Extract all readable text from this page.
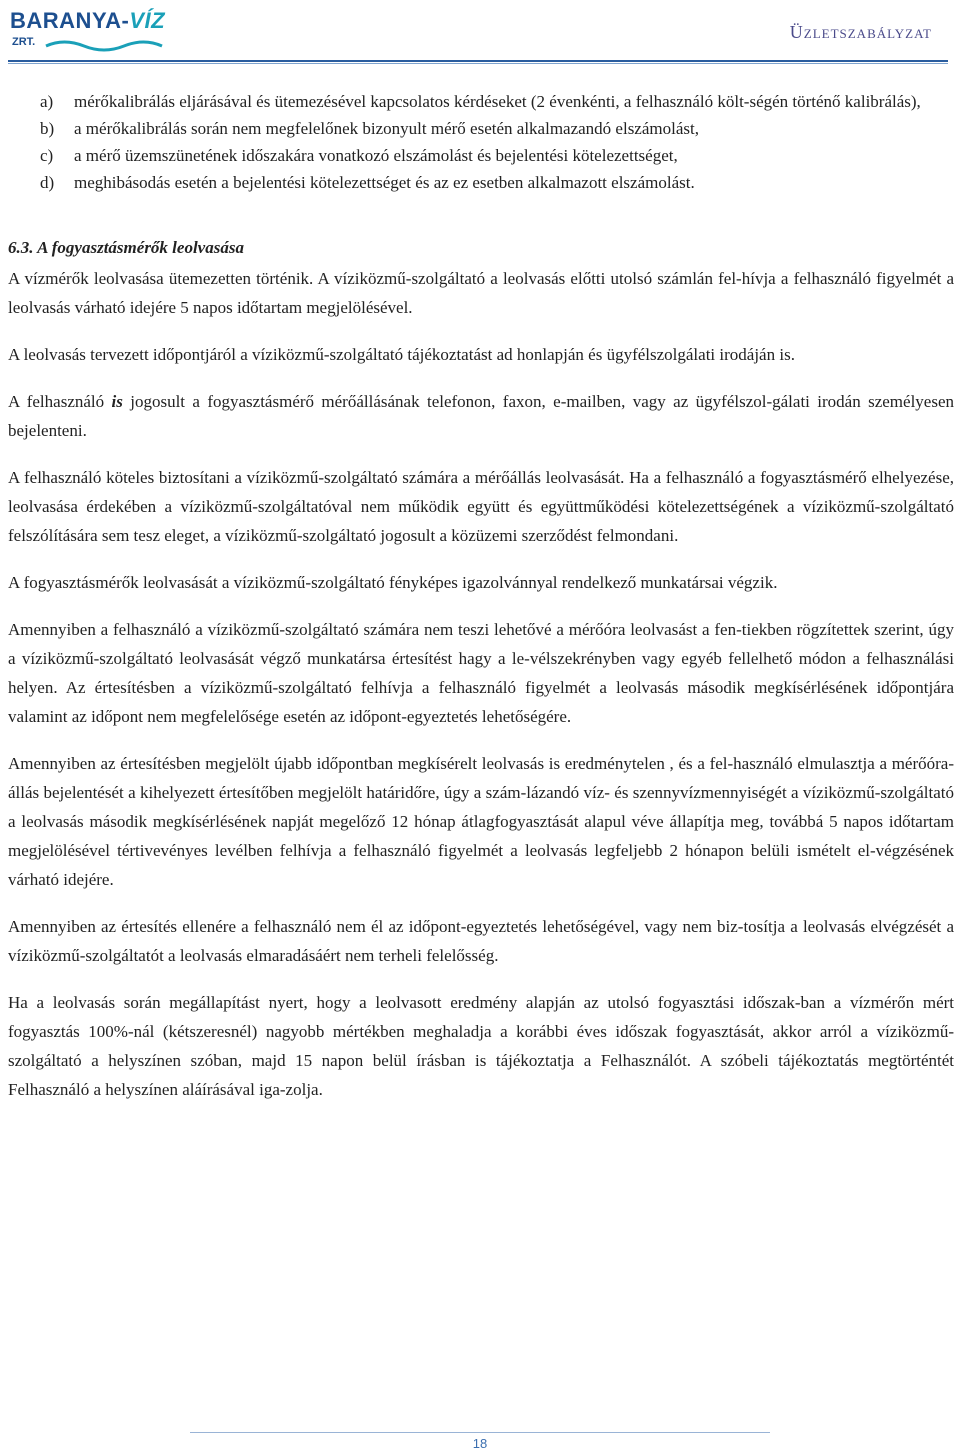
BARANYA-VÍZ
ZRT.	Üzletszabályzat
a) mérőkalibrálás eljárásával és ütemezésével kapcsolatos kérdéseket (2 évenkénti, a felhasználó költ-ségén történő kalibrálás),
b) a mérőkalibrálás során nem megfelelőnek bizonyult mérő esetén alkalmazandó elszámolást,
c) a mérő üzemszünetének időszakára vonatkozó elszámolást és bejelentési kötelezettséget,
d) meghibásodás esetén a bejelentési kötelezettséget és az ez esetben alkalmazott elszámolást.
6.3. A fogyasztásmérők leolvasása

A vízmérők leolvasása ütemezetten történik. A víziközmű-szolgáltató a leolvasás előtti utolsó számlán fel-hívja a felhasználó figyelmét a leolvasás várható idejére 5 napos időtartam megjelölésével.

A leolvasás tervezett időpontjáról a víziközmű-szolgáltató tájékoztatást ad honlapján és ügyfélszolgálati irodáján is.

A felhasználó is jogosult a fogyasztásmérő mérőállásának telefonon, faxon, e-mailben, vagy az ügyfélszol-gálati irodán személyesen bejelenteni.

A felhasználó köteles biztosítani a víziközmű-szolgáltató számára a mérőállás leolvasását. Ha a felhasználó a fogyasztásmérő elhelyezése, leolvasása érdekében a víziközmű-szolgáltatóval nem működik együtt és együttműködési kötelezettségének a víziközmű-szolgáltató felszólítására sem tesz eleget, a víziközmű-szolgáltató jogosult a közüzemi szerződést felmondani.

A fogyasztásmérők leolvasását a víziközmű-szolgáltató fényképes igazolvánnyal rendelkező munkatársai végzik.

Amennyiben a felhasználó a víziközmű-szolgáltató számára nem teszi lehetővé a mérőóra leolvasást a fen-tiekben rögzítettek szerint, úgy a víziközmű-szolgáltató leolvasását végző munkatársa értesítést hagy a le-vélszekrényben vagy egyéb fellelhető módon a felhasználási helyen. Az értesítésben a víziközmű-szolgáltató felhívja a felhasználó figyelmét a leolvasás második megkísérlésének időpontjára valamint az időpont nem megfelelősége esetén az időpont-egyeztetés lehetőségére.

Amennyiben az értesítésben megjelölt újabb időpontban megkísérelt leolvasás is eredménytelen , és a fel-használó elmulasztja a mérőóra-állás bejelentését a kihelyezett értesítőben megjelölt határidőre, úgy a szám-lázandó víz- és szennyvízmennyiségét a víziközmű-szolgáltató a leolvasás második megkísérlésének napját megelőző 12 hónap átlagfogyasztását alapul véve állapítja meg, továbbá 5 napos időtartam megjelölésével tértivevényes levélben felhívja a felhasználó figyelmét a leolvasás legfeljebb 2 hónapon belüli ismételt el-végzésének várható idejére.

Amennyiben az értesítés ellenére a felhasználó nem él az időpont-egyeztetés lehetőségével, vagy nem biz-tosítja a leolvasás elvégzését a víziközmű-szolgáltatót a leolvasás elmaradásáért nem terheli felelősség.

Ha a leolvasás során megállapítást nyert, hogy a leolvasott eredmény alapján az utolsó fogyasztási időszak-ban a vízmérőn mért fogyasztás 100%-nál (kétszeresnél) nagyobb mértékben meghaladja a korábbi éves időszak fogyasztását, akkor arról a víziközmű-szolgáltató a helyszínen szóban, majd 15 napon belül írásban is tájékoztatja a Felhasználót. A szóbeli tájékoztatás megtörténtét Felhasználó a helyszínen aláírásával iga-zolja.

18
